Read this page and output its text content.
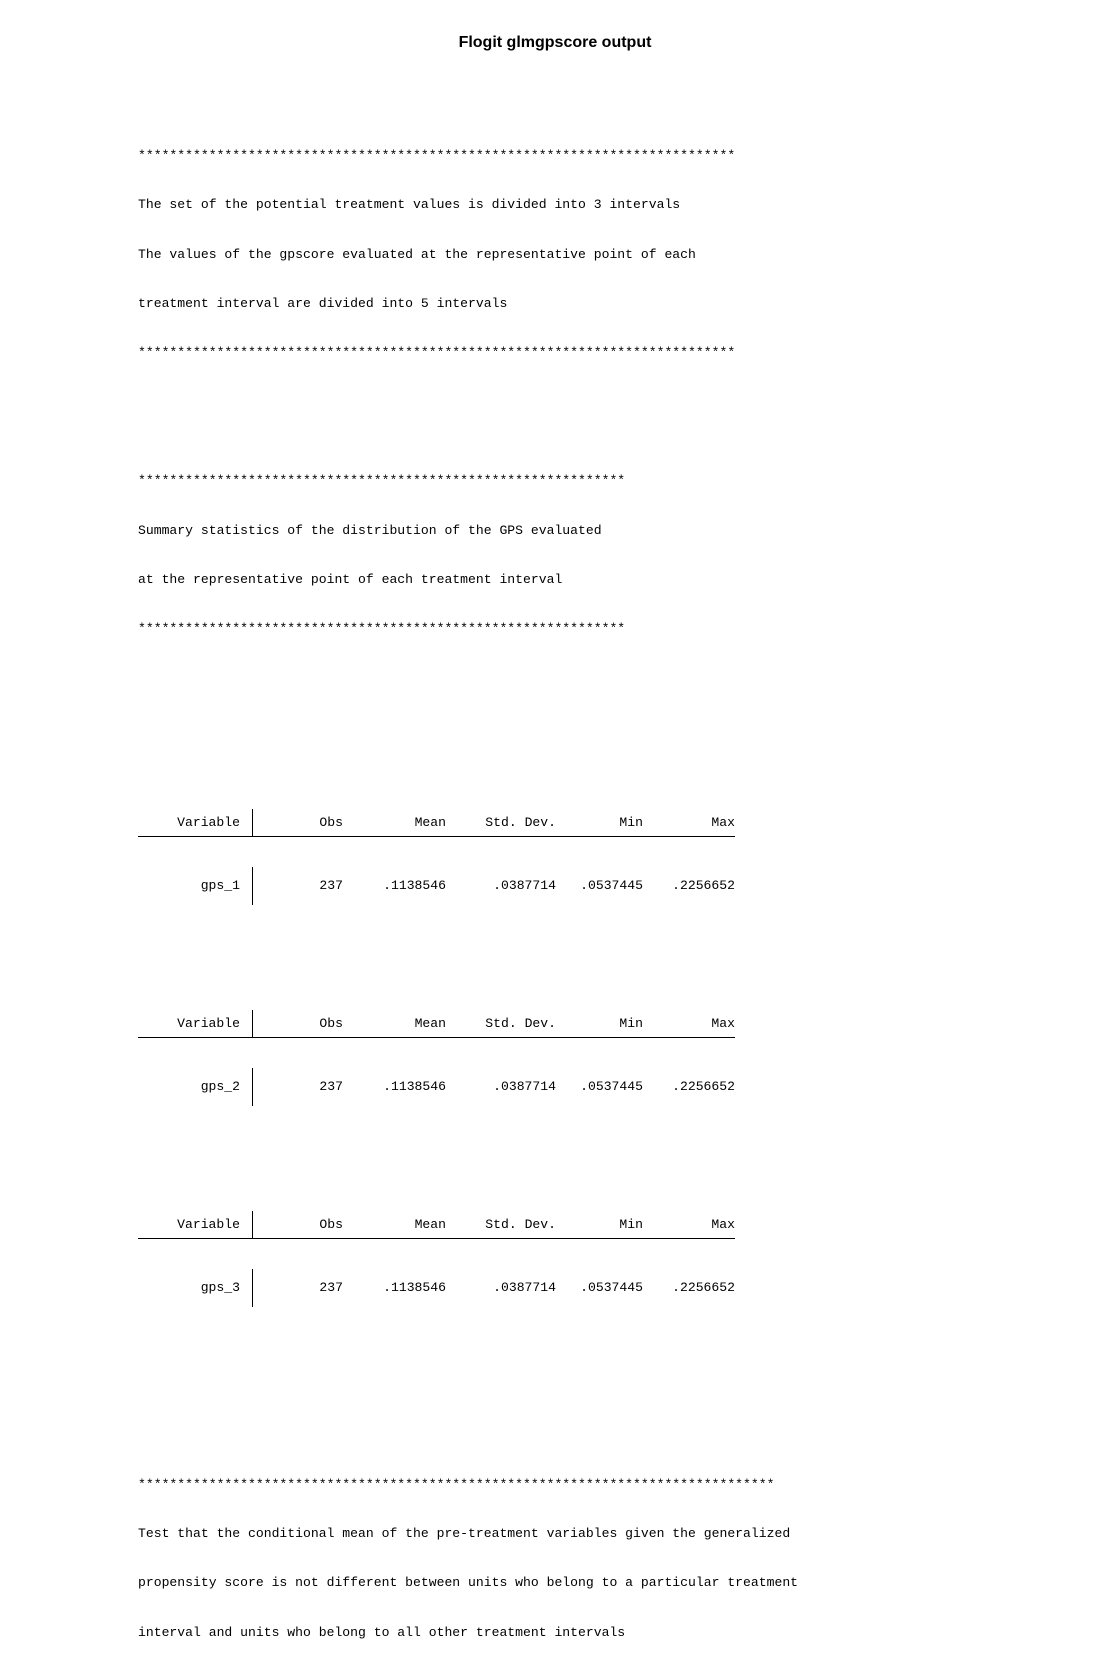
Flogit glmgpscore output

****************************************************************************

The set of the potential treatment values is divided into 3 intervals

The values of the gpscore evaluated at the representative point of each

treatment interval are divided into 5 intervals

****************************************************************************

**************************************************************

Summary statistics of the distribution of the GPS evaluated

at the representative point of each treatment interval

**************************************************************

Variable	Obs	Mean	Std. Dev.	Min	Max

gps_1	237	.1138546	.0387714	.0537445	.2256652

Variable	Obs	Mean	Std. Dev.	Min	Max

gps_2	237	.1138546	.0387714	.0537445	.2256652

Variable	Obs	Mean	Std. Dev.	Min	Max

gps_3	237	.1138546	.0387714	.0537445	.2256652

*********************************************************************************

Test that the conditional mean of the pre-treatment variables given the generalized

propensity score is not different between units who belong to a particular treatment

interval and units who belong to all other treatment intervals
